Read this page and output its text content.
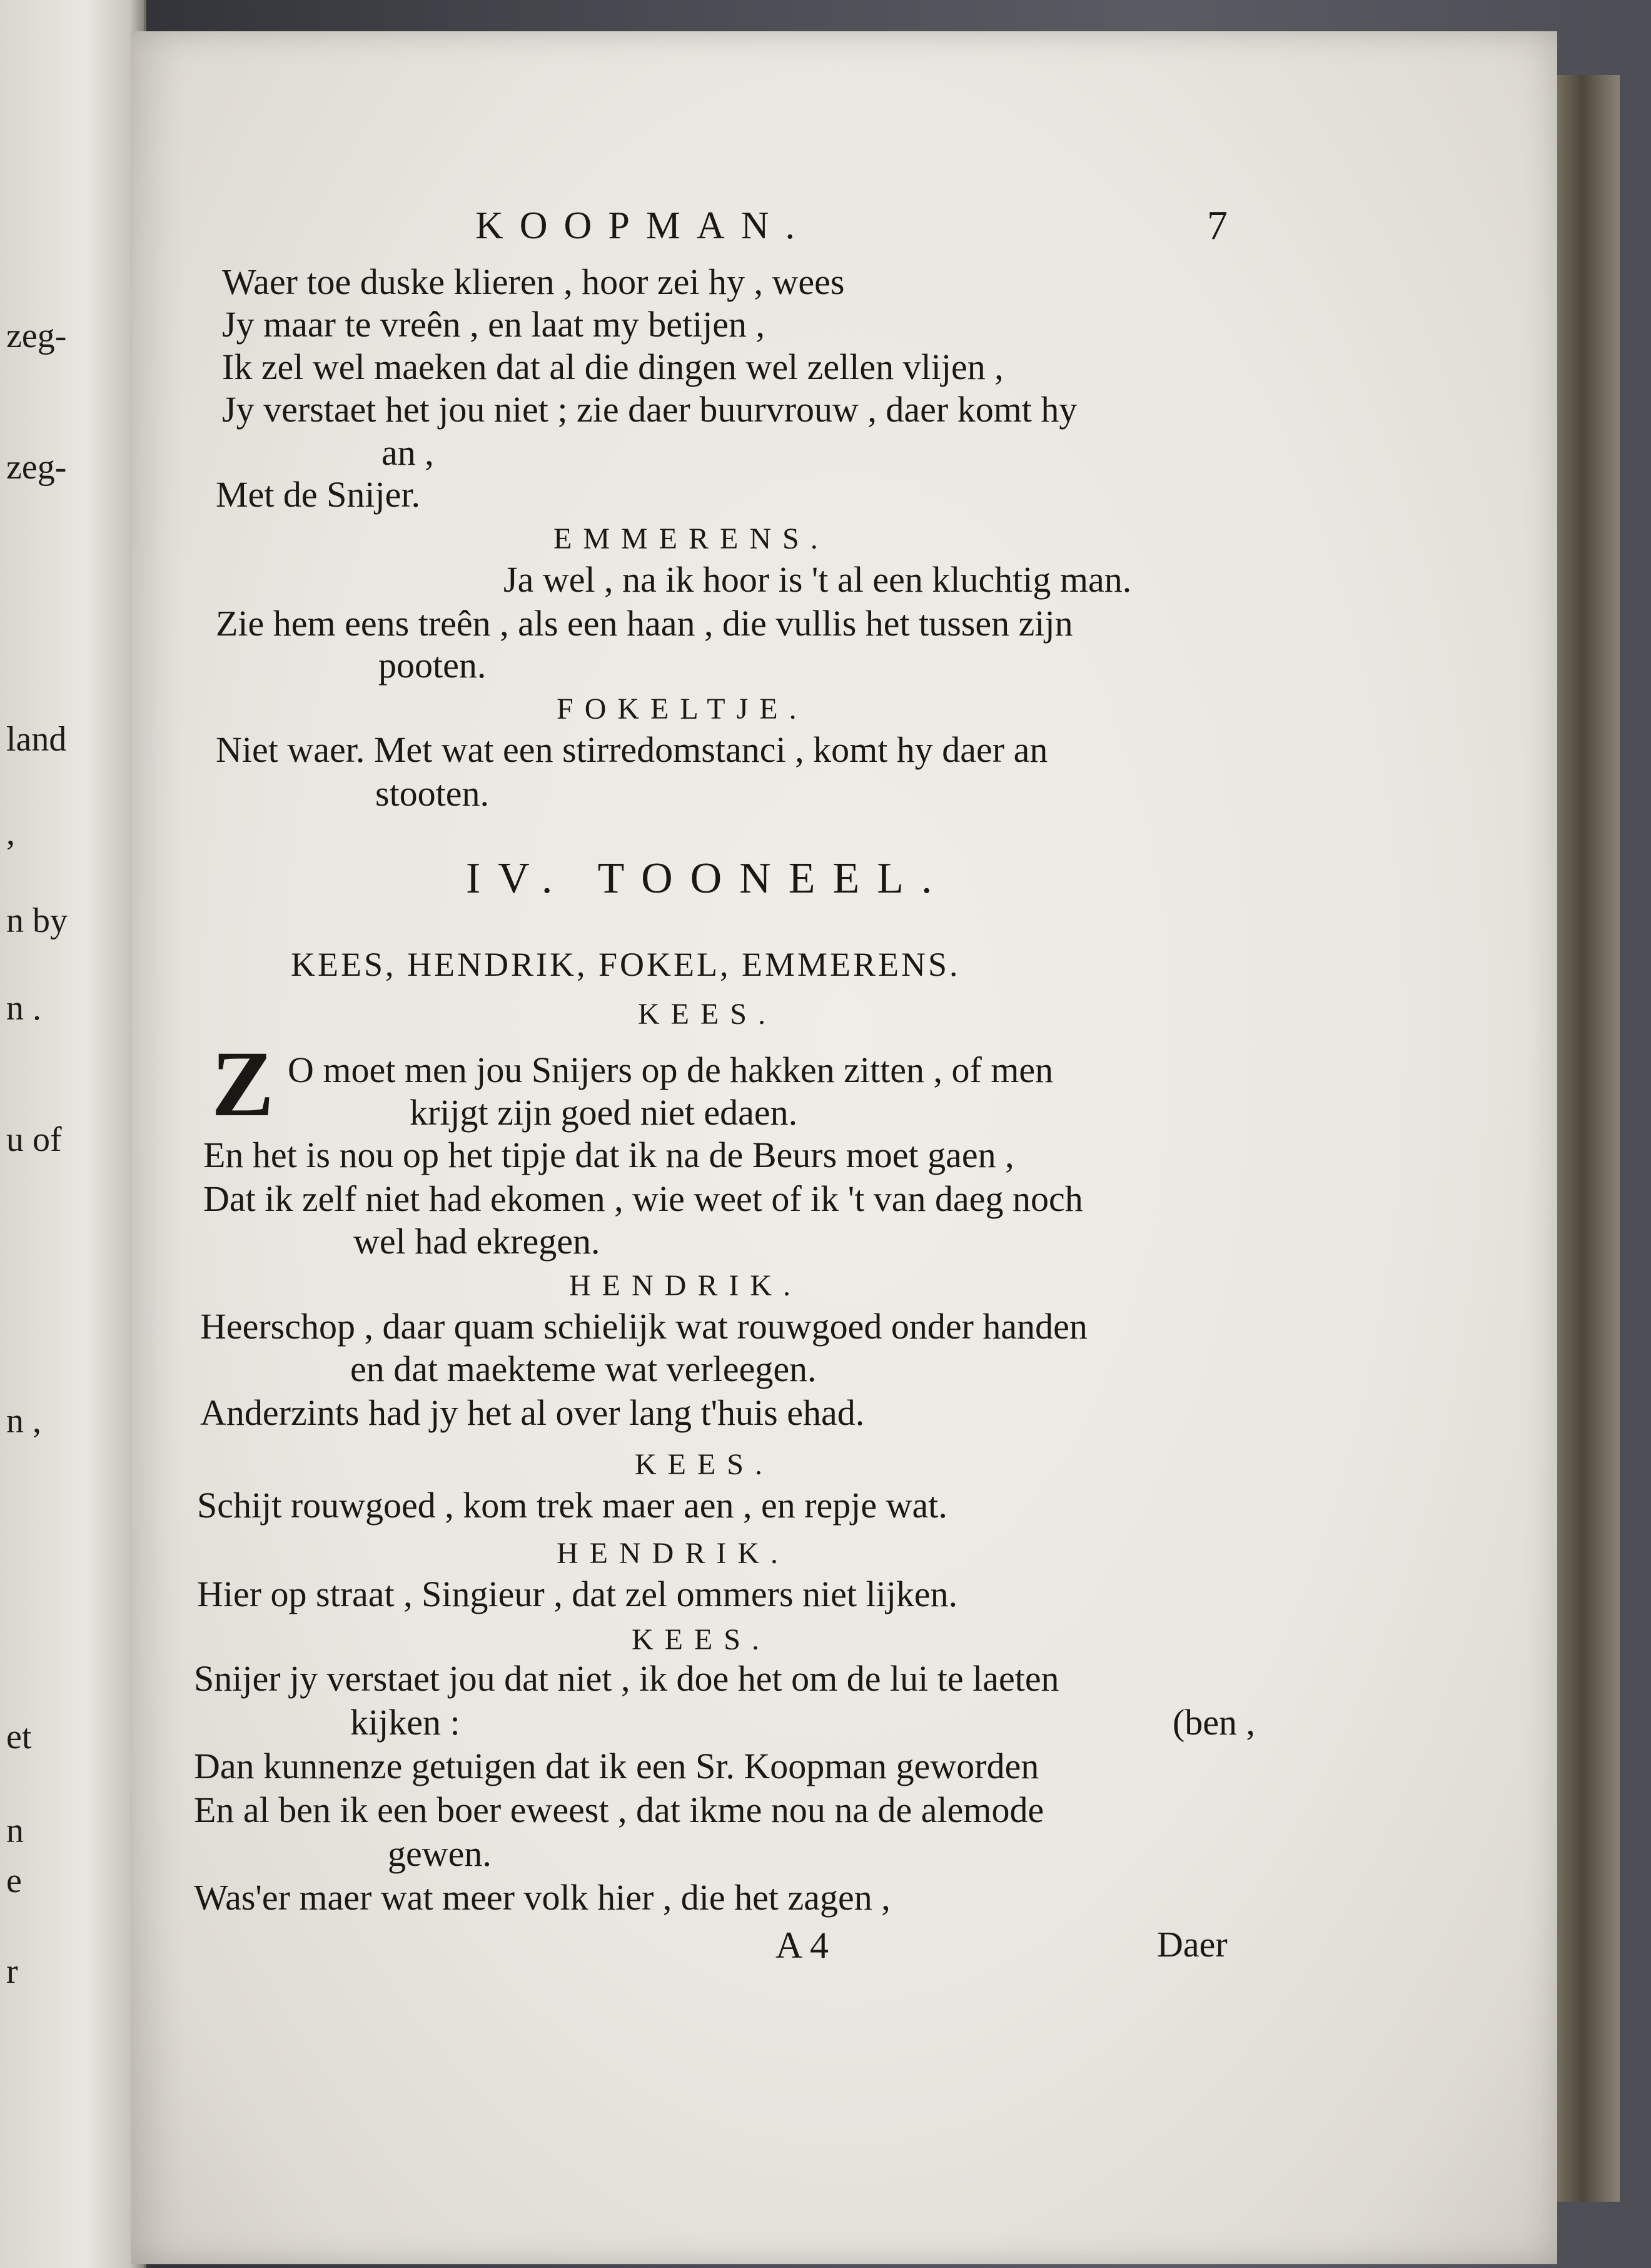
zeg-
zeg-
land
,
n by
n .
u of
n ,
et
n
e
r
KOOPMAN.	7
Waer toe duske klieren , hoor zei hy , wees
Jy maar te vreên , en laat my betijen ,
Ik zel wel maeken dat al die dingen wel zellen vlijen ,
Jy verstaet het jou niet ; zie daer buurvrouw , daer komt hy
an ,
Met de Snijer.
EMMERENS.
Ja wel , na ik hoor is 't al een kluchtig man.
Zie hem eens treên , als een haan , die vullis het tussen zijn
pooten.
FOKELTJE.
Niet waer. Met wat een stirredomstanci , komt hy daer an
stooten.
IV. TOONEEL.
KEES, HENDRIK, FOKEL, EMMERENS.
KEES.
Z O moet men jou Snijers op de hakken zitten , of men
krijgt zijn goed niet edaen.
En het is nou op het tipje dat ik na de Beurs moet gaen ,
Dat ik zelf niet had ekomen , wie weet of ik 't van daeg noch
wel had ekregen.
HENDRIK.
Heerschop , daar quam schielijk wat rouwgoed onder handen
en dat maekteme wat verleegen.
Anderzints had jy het al over lang t'huis ehad.
KEES.
Schijt rouwgoed , kom trek maer aen , en repje wat.
HENDRIK.
Hier op straat , Singieur , dat zel ommers niet lijken.
KEES.
Snijer jy verstaet jou dat niet , ik doe het om de lui te laeten
kijken :	(ben ,
Dan kunnenze getuigen dat ik een Sr. Koopman geworden
En al ben ik een boer eweest , dat ikme nou na de alemode
gewen.
Was'er maer wat meer volk hier , die het zagen ,
A 4	Daer
